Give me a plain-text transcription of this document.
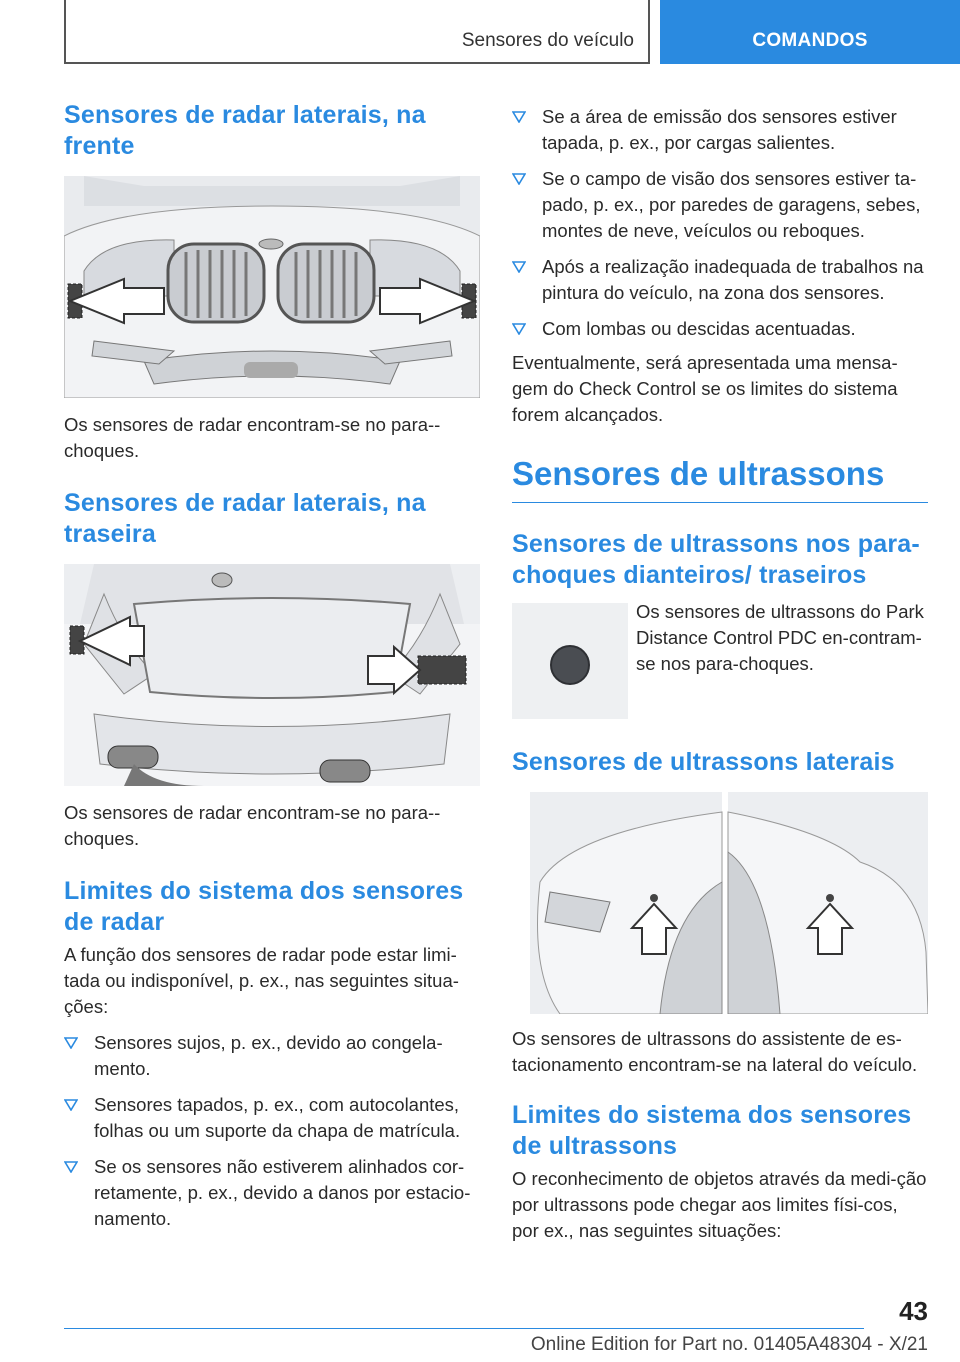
Sensores do veículo	COMANDOS
Sensores de radar laterais, na frente

Os sensores de radar encontram-se no para--choques.

Sensores de radar laterais, na traseira

Os sensores de radar encontram-se no para--choques.

Limites do sistema dos sensores de radar

A função dos sensores de radar pode estar limi-tada ou indisponível, p. ex., nas seguintes situa-ções:

Sensores sujos, p. ex., devido ao congela-mento.
Sensores tapados, p. ex., com autocolantes, folhas ou um suporte da chapa de matrícula.
Se os sensores não estiverem alinhados cor-retamente, p. ex., devido a danos por estacio-namento.
Se a área de emissão dos sensores estiver tapada, p. ex., por cargas salientes.
Se o campo de visão dos sensores estiver ta-pado, p. ex., por paredes de garagens, sebes, montes de neve, veículos ou reboques.
Após a realização inadequada de trabalhos na pintura do veículo, na zona dos sensores.
Com lombas ou descidas acentuadas.

Eventualmente, será apresentada uma mensa-gem do Check Control se os limites do sistema forem alcançados.

Sensores de ultrassons
Sensores de ultrassons nos para-choques dianteiros/ traseiros

Os sensores de ultrassons do Park Distance Control PDC en-contram-se nos para-choques.

Sensores de ultrassons laterais

Os sensores de ultrassons do assistente de es-tacionamento encontram-se na lateral do veículo.

Limites do sistema dos sensores de ultrassons

O reconhecimento de objetos através da medi-ção por ultrassons pode chegar aos limites físi-cos, por ex., nas seguintes situações:

43
Online Edition for Part no. 01405A48304 - X/21
